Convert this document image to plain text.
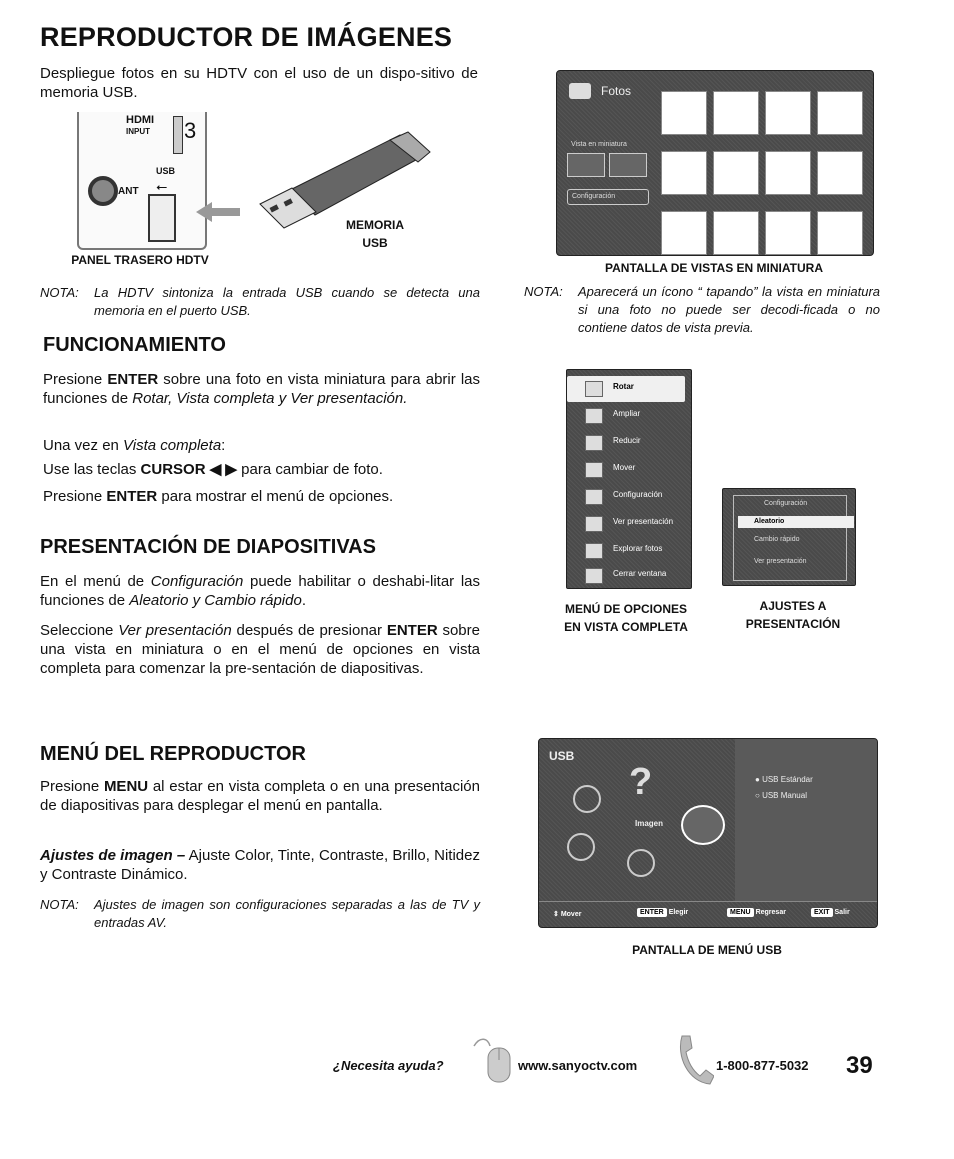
REPRODUCTOR DE IMÁGENES

Despliegue fotos en su HDTV con el uso de un dispo-sitivo de memoria USB.

HDMI
INPUT 3
ANT
USB
⭠
MEMORIA
USB
PANEL TRASERO HDTV
NOTA: La HDTV sintoniza la entrada USB cuando se detecta una memoria en el puerto USB.
Fotos
Vista en miniatura
Configuración
PANTALLA DE VISTAS EN MINIATURA
NOTA: Aparecerá un ícono “ tapando” la vista en miniatura si una foto no puede ser decodi-ficada o no contiene datos de vista previa.
FUNCIONAMIENTO

Presione ENTER sobre una foto en vista miniatura para abrir las funciones de Rotar, Vista completa y Ver presentación.

Una vez en Vista completa:

Use las teclas CURSOR ◀ ▶ para cambiar de foto.

Presione ENTER para mostrar el menú de opciones.

Rotar
Ampliar
Reducir
Mover
Configuración
Ver presentación
Explorar fotos
Cerrar ventana
MENÚ DE OPCIONES
EN VISTA COMPLETA
Configuración
Aleatorio
Cambio rápido
Ver presentación
AJUSTES A
PRESENTACIÓN
PRESENTACIÓN DE DIAPOSITIVAS

En el menú de Configuración puede habilitar o deshabi-litar las funciones de Aleatorio y Cambio rápido.

Seleccione Ver presentación después de presionar ENTER sobre una vista en miniatura o en el menú de opciones en vista completa para comenzar la pre-sentación de diapositivas.

MENÚ DEL REPRODUCTOR

Presione MENU al estar en vista completa o en una presentación de diapositivas para desplegar el menú en pantalla.

Ajustes de imagen – Ajuste Color, Tinte, Contraste, Brillo, Nitidez y Contraste Dinámico.

NOTA: Ajustes de imagen son configuraciones separadas a las de TV y entradas AV.
USB
?
Imagen
● USB Estándar
○ USB Manual
⇕ Mover	ENTER Elegir	MENU Regresar	EXIT Salir
PANTALLA DE MENÚ USB
¿Necesita ayuda?	www.sanyoctv.com	1-800-877-5032 39
